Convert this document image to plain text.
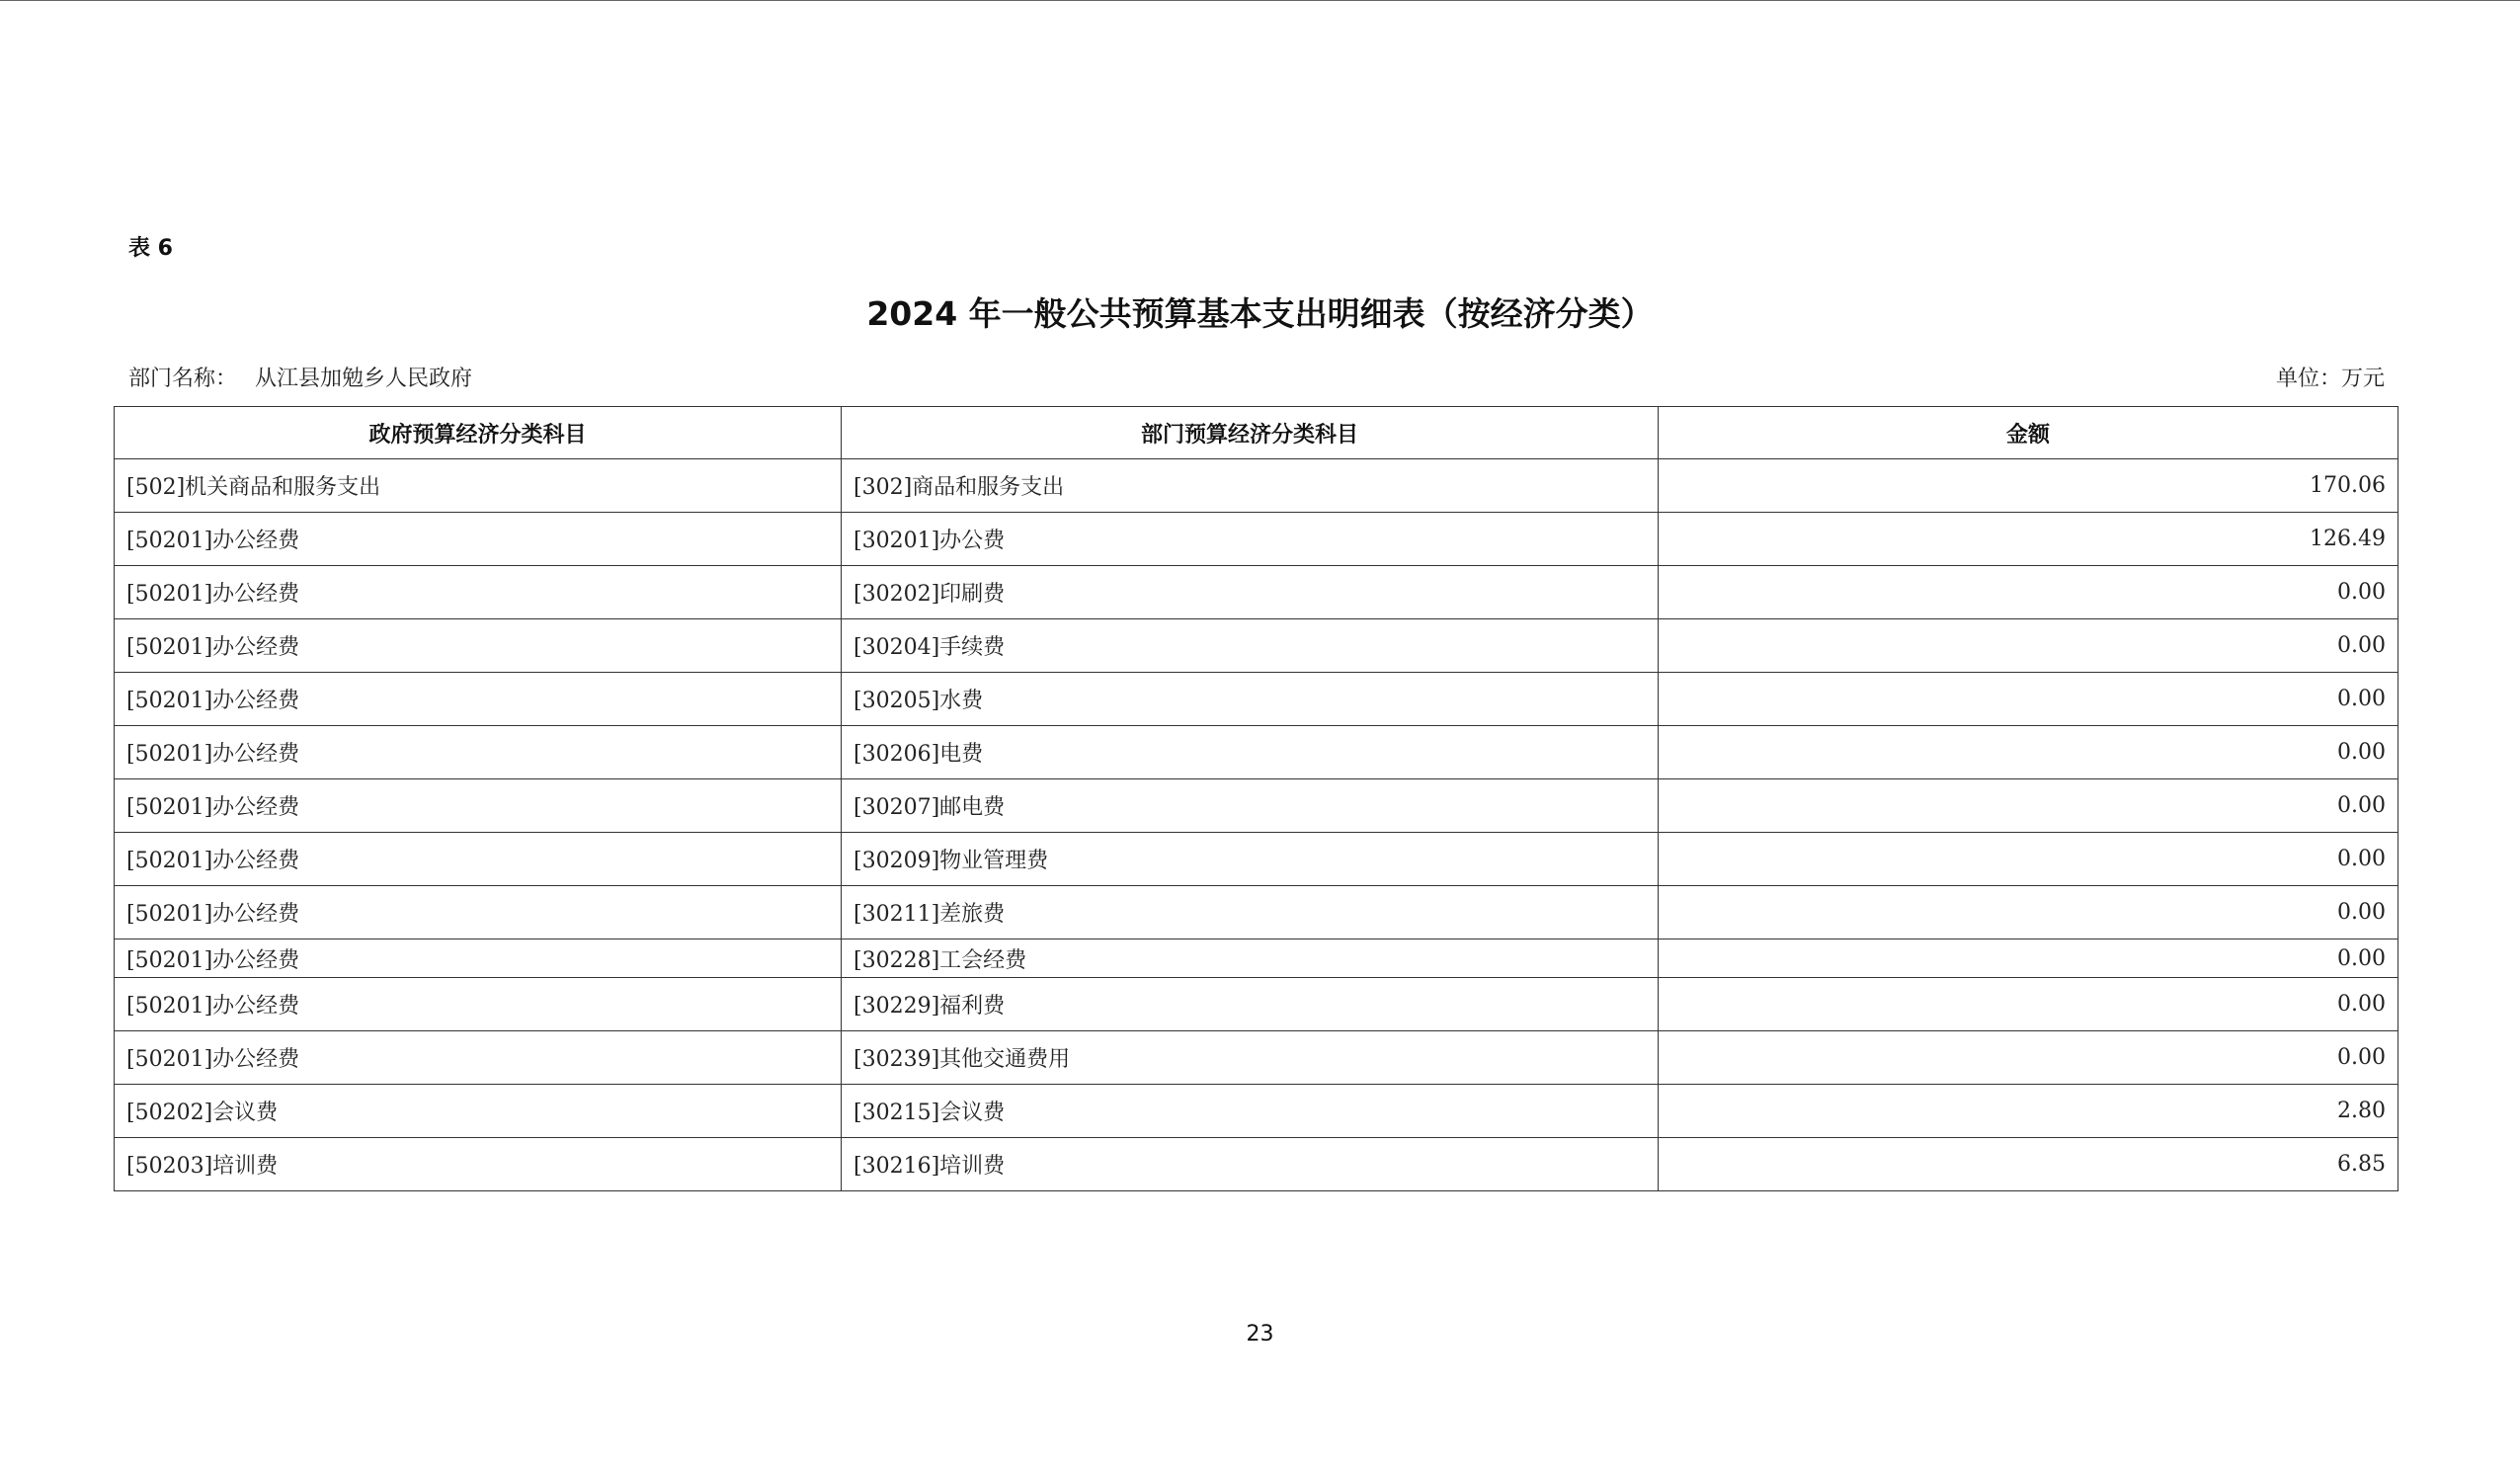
表 6
2024 年一般公共预算基本支出明细表（按经济分类）
部门名称： 从江县加勉乡人民政府	单位：万元
政府预算经济分类科目	部门预算经济分类科目	金额
[502]机关商品和服务支出	[302]商品和服务支出	170.06
[50201]办公经费	[30201]办公费	126.49
[50201]办公经费	[30202]印刷费	0.00
[50201]办公经费	[30204]手续费	0.00
[50201]办公经费	[30205]水费	0.00
[50201]办公经费	[30206]电费	0.00
[50201]办公经费	[30207]邮电费	0.00
[50201]办公经费	[30209]物业管理费	0.00
[50201]办公经费	[30211]差旅费	0.00
[50201]办公经费	[30228]工会经费	0.00
[50201]办公经费	[30229]福利费	0.00
[50201]办公经费	[30239]其他交通费用	0.00
[50202]会议费	[30215]会议费	2.80
[50203]培训费	[30216]培训费	6.85
23
